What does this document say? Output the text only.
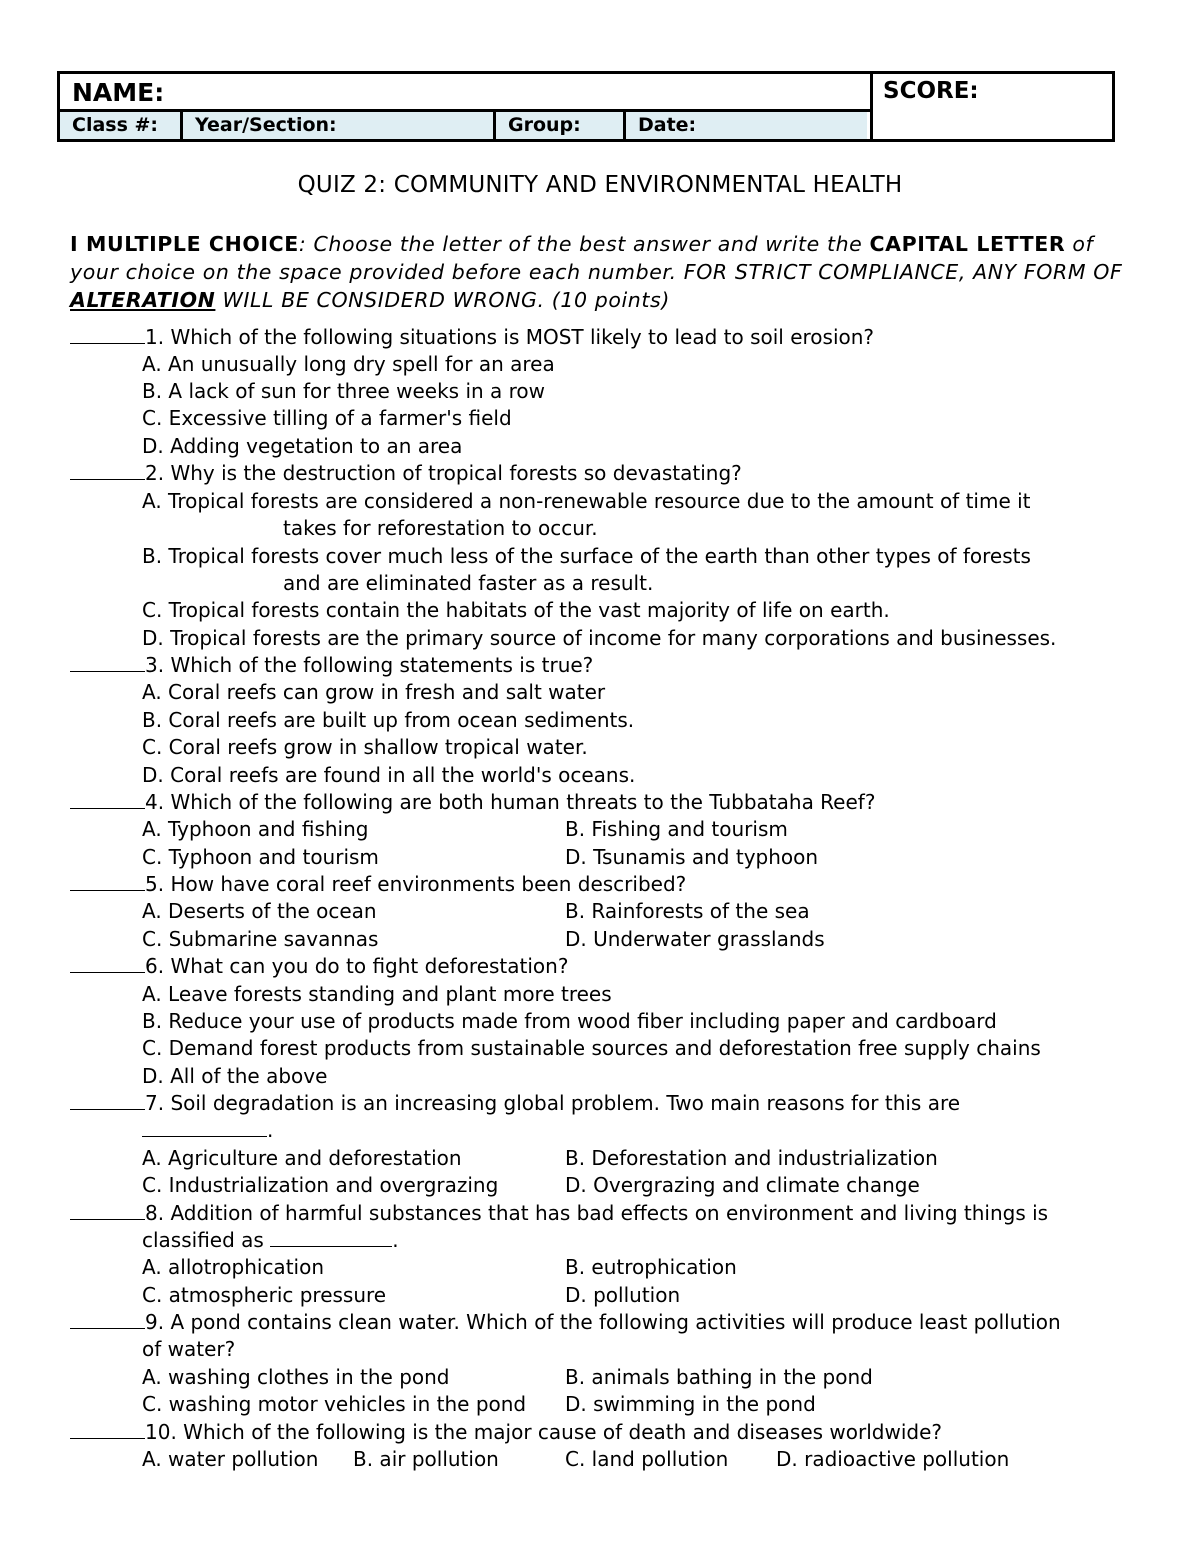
NAME:	SCORE:
Class #:	Year/Section:	Group:	Date:
QUIZ 2: COMMUNITY AND ENVIRONMENTAL HEALTH
I MULTIPLE CHOICE: Choose the letter of the best answer and write the CAPITAL LETTER of your choice on the space provided before each number. FOR STRICT COMPLIANCE, ANY FORM OF ALTERATION WILL BE CONSIDERD WRONG. (10 points)
1. Which of the following situations is MOST likely to lead to soil erosion?
A. An unusually long dry spell for an area
B. A lack of sun for three weeks in a row
C. Excessive tilling of a farmer's field
D. Adding vegetation to an area
2. Why is the destruction of tropical forests so devastating?
A. Tropical forests are considered a non-renewable resource due to the amount of time it
takes for reforestation to occur.
B. Tropical forests cover much less of the surface of the earth than other types of forests
and are eliminated faster as a result.
C. Tropical forests contain the habitats of the vast majority of life on earth.
D. Tropical forests are the primary source of income for many corporations and businesses.
3. Which of the following statements is true?
A. Coral reefs can grow in fresh and salt water
B. Coral reefs are built up from ocean sediments.
C. Coral reefs grow in shallow tropical water.
D. Coral reefs are found in all the world's oceans.
4. Which of the following are both human threats to the Tubbataha Reef?
A. Typhoon and fishing	B. Fishing and tourism
C. Typhoon and tourism	D. Tsunamis and typhoon
5. How have coral reef environments been described?
A. Deserts of the ocean	B. Rainforests of the sea
C. Submarine savannas	D. Underwater grasslands
6. What can you do to fight deforestation?
A. Leave forests standing and plant more trees
B. Reduce your use of products made from wood fiber including paper and cardboard
C. Demand forest products from sustainable sources and deforestation free supply chains
D. All of the above
7. Soil degradation is an increasing global problem. Two main reasons for this are
.
A. Agriculture and deforestation	B. Deforestation and industrialization
C. Industrialization and overgrazing	D. Overgrazing and climate change
8. Addition of harmful substances that has bad effects on environment and living things is
classified as	.
A. allotrophication	B. eutrophication
C. atmospheric pressure	D. pollution
9. A pond contains clean water. Which of the following activities will produce least pollution
of water?
A. washing clothes in the pond	B. animals bathing in the pond
C. washing motor vehicles in the pond D. swimming in the pond
10. Which of the following is the major cause of death and diseases worldwide?
A. water pollution B. air pollution	C. land pollution D. radioactive pollution
